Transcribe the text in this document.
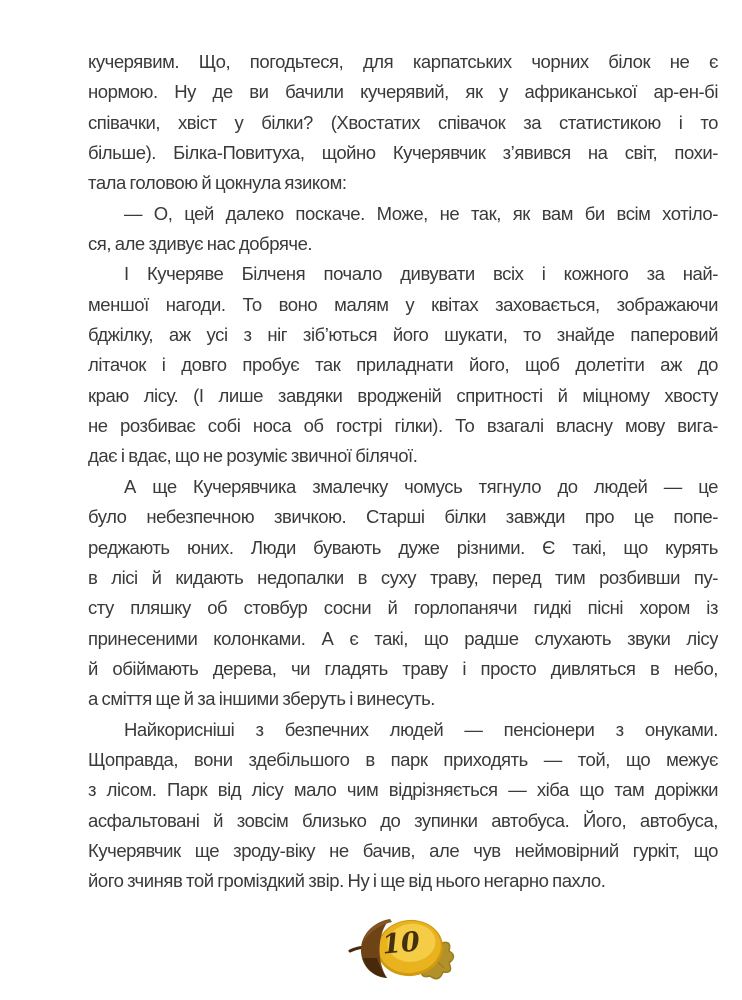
кучерявим. Що, погодьтеся, для карпатських чорних білок не є
нормою. Ну де ви бачили кучерявий, як у африканської ар-ен-бі
співачки, хвіст у білки? (Хвостатих співачок за статистикою і то
більше). Білка-Повитуха, щойно Кучерявчик з’явився на світ, похи-
тала головою й цокнула язиком:
— О, цей далеко поскаче. Може, не так, як вам би всім хотіло-
ся, але здивує нас добряче.
І Кучеряве Білченя почало дивувати всіх і кожного за най-
меншої нагоди. То воно малям у квітах заховається, зображаючи
бджілку, аж усі з ніг зіб’ються його шукати, то знайде паперовий
літачок і довго пробує так приладнати його, щоб долетіти аж до
краю лісу. (І лише завдяки вродженій спритності й міцному хвосту
не розбиває собі носа об гострі гілки). То взагалі власну мову вига-
дає і вдає, що не розуміє звичної білячої.
А ще Кучерявчика змалечку чомусь тягнуло до людей — це
було небезпечною звичкою. Старші білки завжди про це попе-
реджають юних. Люди бувають дуже різними. Є такі, що курять
в лісі й кидають недопалки в суху траву, перед тим розбивши пу-
сту пляшку об стовбур сосни й горлопанячи гидкі пісні хором із
принесеними колонками. А є такі, що радше слухають звуки лісу
й обіймають дерева, чи гладять траву і просто дивляться в небо,
а сміття ще й за іншими зберуть і винесуть.
Найкорисніші з безпечних людей — пенсіонери з онуками.
Щоправда, вони здебільшого в парк приходять — той, що межує
з лісом. Парк від лісу мало чим відрізняється — хіба що там доріжки
асфальтовані й зовсім близько до зупинки автобуса. Його, автобуса,
Кучерявчик ще зроду-віку не бачив, але чув неймовірний гуркіт, що
його зчиняв той громіздкий звір. Ну і ще від нього негарно пахло.
10
